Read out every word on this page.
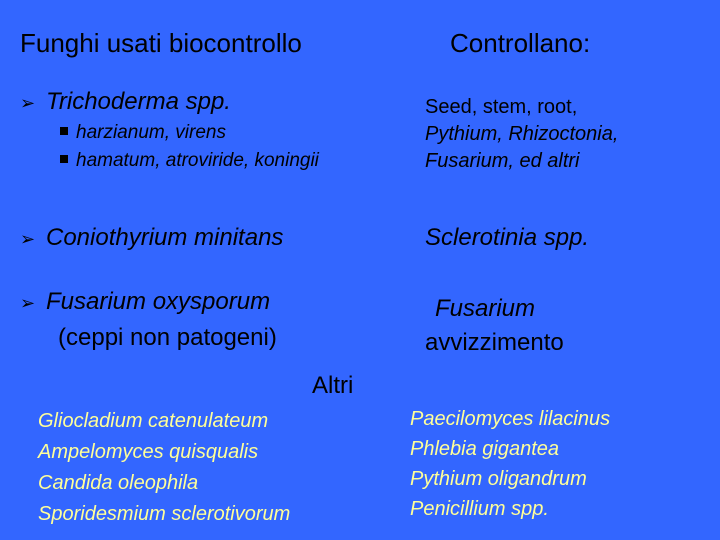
Funghi usati biocontrollo	Controllano:
➢ Trichoderma spp.
harzianum, virens
hamatum, atroviride, koningii
Seed, stem, root,
Pythium, Rhizoctonia,
Fusarium, ed altri
➢ Coniothyrium minitans	Sclerotinia spp.
➢ Fusarium oxysporum
(ceppi non patogeni)
Fusarium
avvizzimento
Altri
Gliocladium catenulateum
Ampelomyces quisqualis
Candida oleophila
Sporidesmium sclerotivorum
Paecilomyces lilacinus
Phlebia gigantea
Pythium oligandrum
Penicillium spp.
